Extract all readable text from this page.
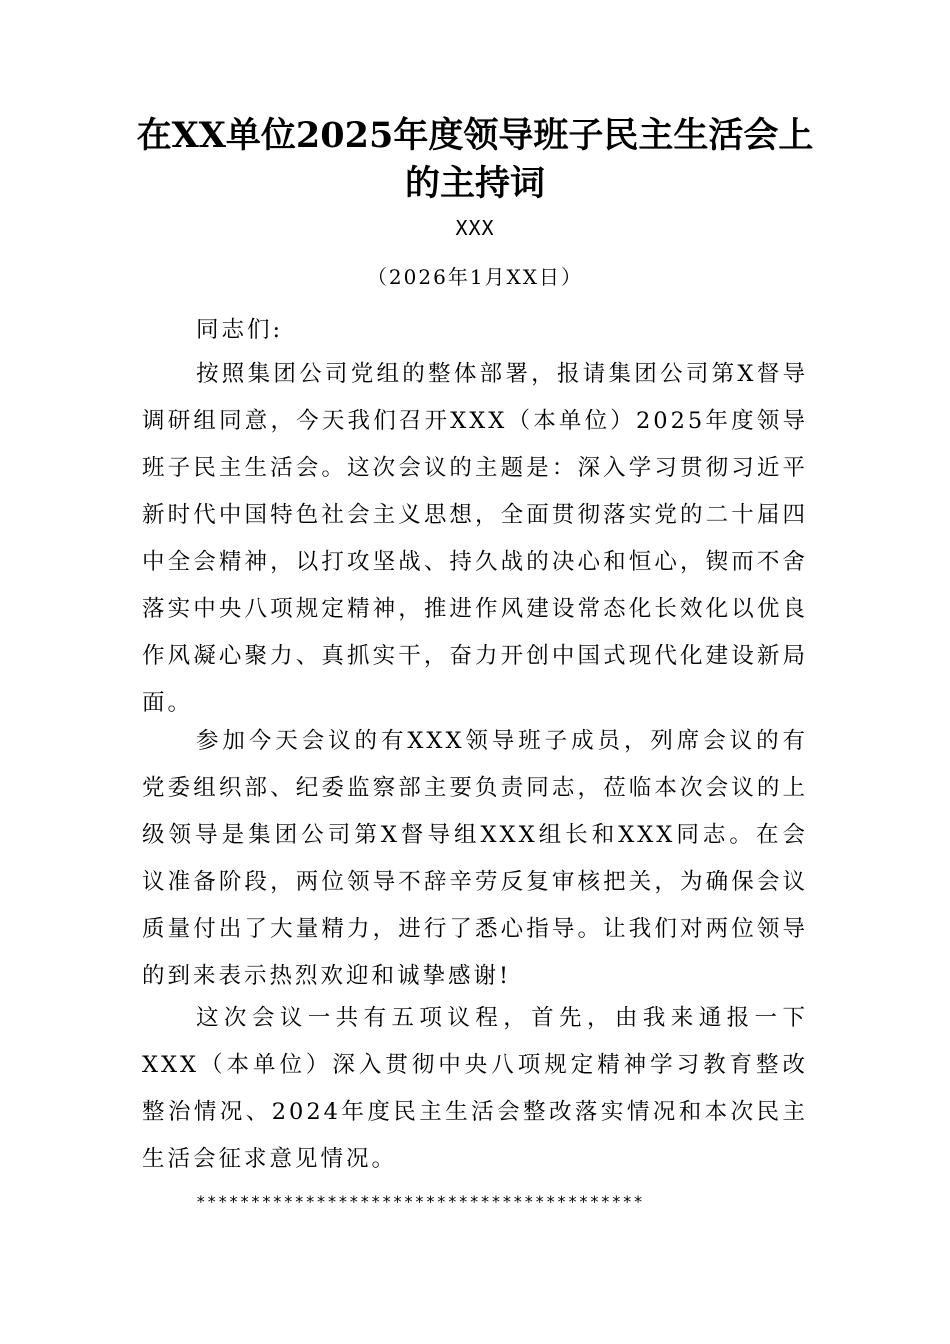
在XX单位2025年度领导班子民主生活会上的主持词

XXX

（2026年1月XX日）

同志们:

按照集团公司党组的整体部署，报请集团公司第X督导调研组同意，今天我们召开XXX（本单位）2025年度领导班子民主生活会。这次会议的主题是：深入学习贯彻习近平新时代中国特色社会主义思想，全面贯彻落实党的二十届四中全会精神，以打攻坚战、持久战的决心和恒心，锲而不舍落实中央八项规定精神，推进作风建设常态化长效化以优良作风凝心聚力、真抓实干，奋力开创中国式现代化建设新局面。

参加今天会议的有XXX领导班子成员，列席会议的有党委组织部、纪委监察部主要负责同志，莅临本次会议的上级领导是集团公司第X督导组XXX组长和XXX同志。在会议准备阶段，两位领导不辞辛劳反复审核把关，为确保会议质量付出了大量精力，进行了悉心指导。让我们对两位领导的到来表示热烈欢迎和诚挚感谢!

这次会议一共有五项议程，首先，由我来通报一下XXX（本单位）深入贯彻中央八项规定精神学习教育整改整治情况、2024年度民主生活会整改落实情况和本次民主生活会征求意见情况。

*****************************************
